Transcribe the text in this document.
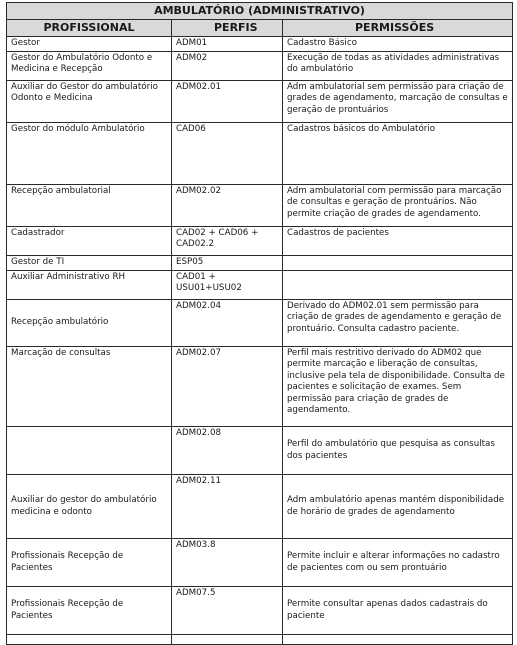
AMBULATÓRIO (ADMINISTRATIVO)		
PROFISSIONAL	PERFIS	PERMISSÕES
Gestor	ADM01	Cadastro Básico
Gestor do Ambulatório Odonto e Medicina e Recepção	ADM02	Execução de todas as atividades administrativas do ambulatório
Auxiliar do Gestor do ambulatório Odonto e Medicina	ADM02.01	Adm ambulatorial sem permissão para criação de grades de agendamento, marcação de consultas e geração de prontuários
Gestor do módulo Ambulatório	CAD06	Cadastros básicos do Ambulatório
Recepção ambulatorial	ADM02.02	Adm ambulatorial com permissão para marcação de consultas e geração de prontuários. Não permite criação de grades de agendamento.
Cadastrador	CAD02 + CAD06 + CAD02.2	Cadastros de pacientes
Gestor de TI	ESP05	
Auxiliar Administrativo RH	CAD01 + USU01+USU02	
Recepção ambulatório	ADM02.04	Derivado do ADM02.01 sem permissão para criação de grades de agendamento e geração de prontuário. Consulta cadastro paciente.
Marcação de consultas	ADM02.07	Perfil mais restritivo derivado do ADM02 que permite marcação e liberação de consultas, inclusive pela tela de disponibilidade. Consulta de pacientes e solicitação de exames. Sem permissão para criação de grades de agendamento.
	ADM02.08	Perfil do ambulatório que pesquisa as consultas dos pacientes
Auxiliar do gestor do ambulatório medicina e odonto	ADM02.11	Adm ambulatório apenas mantém disponibilidade de horário de grades de agendamento
Profissionais Recepção de Pacientes	ADM03.8	Permite incluir e alterar informações no cadastro de pacientes com ou sem prontuário
Profissionais Recepção de Pacientes	ADM07.5	Permite consultar apenas dados cadastrais do paciente
